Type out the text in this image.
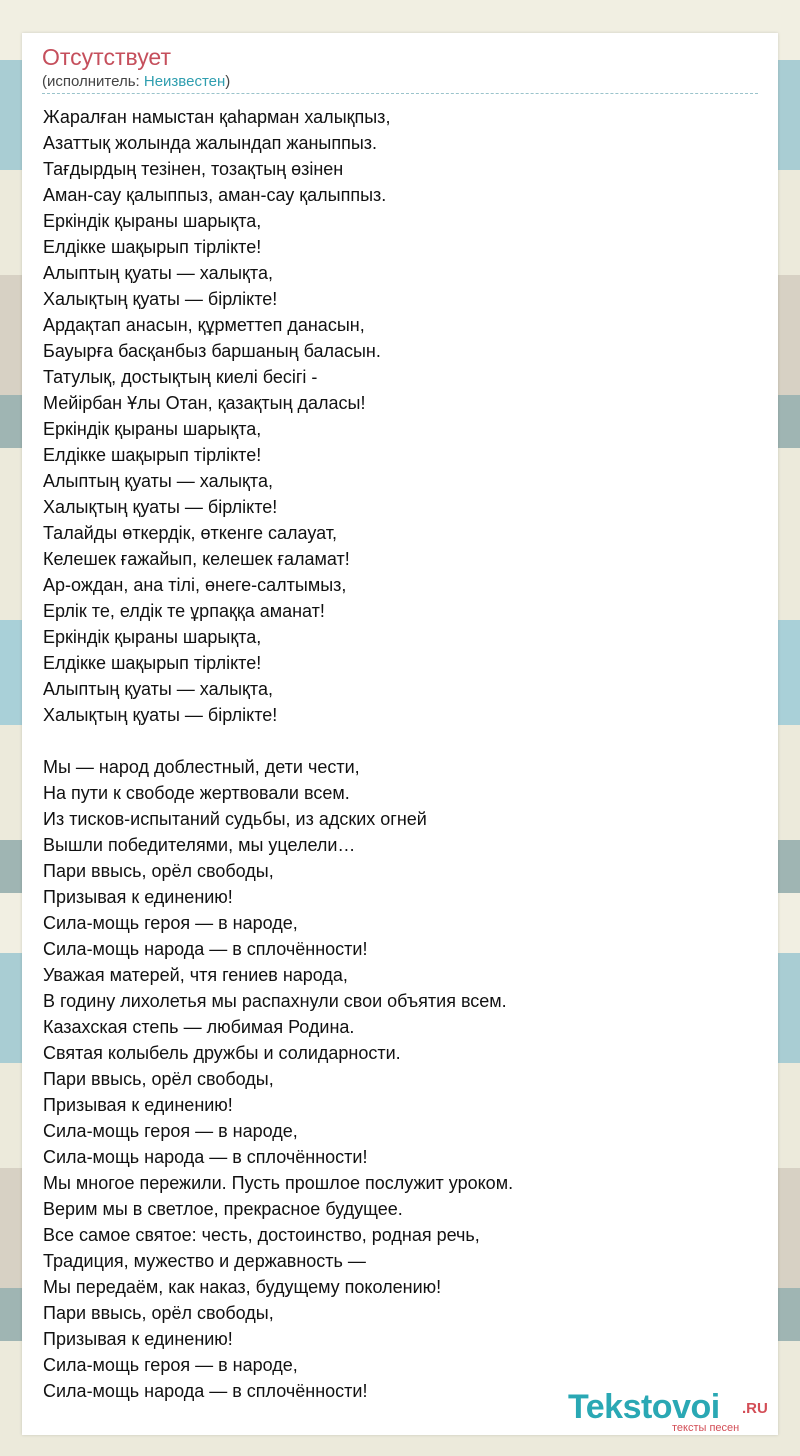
Отсутствует
(исполнитель: Неизвестен)
Жаралған намыстан қаһарман халықпыз,
Азаттық жолында жалындап жаныппыз.
Тағдырдың тезінен, тозақтың өзінен
Аман-сау қалыппыз, аман-сау қалыппыз.
Еркіндік қыраны шарықта,
Елдікке шақырып тірлікте!
Алыптың қуаты — халықта,
Халықтың қуаты — бірлікте!
Ардақтап анасын, құрметтеп данасын,
Бауырға басқанбыз баршаның баласын.
Татулық, достықтың киелі бесігі -
Мейірбан Ұлы Отан, қазақтың даласы!
Еркіндік қыраны шарықта,
Елдікке шақырып тірлікте!
Алыптың қуаты — халықта,
Халықтың қуаты — бірлікте!
Талайды өткердік, өткенге салауат,
Келешек ғажайып, келешек ғаламат!
Ар-ождан, ана тілі, өнеге-салтымыз,
Ерлік те, елдік те ұрпаққа аманат!
Еркіндік қыраны шарықта,
Елдікке шақырып тірлікте!
Алыптың қуаты — халықта,
Халықтың қуаты — бірлікте!
Мы — народ доблестный, дети чести,
На пути к свободе жертвовали всем.
Из тисков-испытаний судьбы, из адских огней
Вышли победителями, мы уцелели…
Пари ввысь, орёл свободы,
Призывая к единению!
Сила-мощь героя — в народе,
Сила-мощь народа — в сплочённости!
Уважая матерей, чтя гениев народа,
В годину лихолетья мы распахнули свои объятия всем.
Казахская степь — любимая Родина.
Святая колыбель дружбы и солидарности.
Пари ввысь, орёл свободы,
Призывая к единению!
Сила-мощь героя — в народе,
Сила-мощь народа — в сплочённости!
Мы многое пережили. Пусть прошлое послужит уроком.
Верим мы в светлое, прекрасное будущее.
Все самое святое: честь, достоинство, родная речь,
Традиция, мужество и державность —
Мы передаём, как наказ, будущему поколению!
Пари ввысь, орёл свободы,
Призывая к единению!
Сила-мощь героя — в народе,
Сила-мощь народа — в сплочённости!	Tekstovoi .RU
тексты песен
